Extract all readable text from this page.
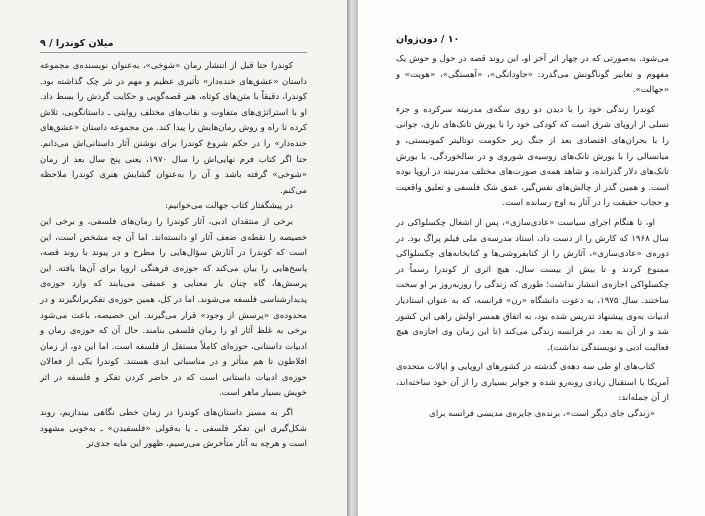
میلان کوندرا / ۹

کوندرا حتا قبل از انتشار رمان «شوخی»، به‌عنوان نویسنده‌ی مجموعه داستان «عشق‌های خنده‌دار» تأثیری عظیم و مهم در نثر چک گذاشته بود. کوندرا، دقیقاً با متن‌های کوتاه، هنر قصه‌گویی و حکایت گردش را بسط داد. او با استراتژی‌های متفاوت و نقاب‌های مختلف روایتی ـ داستانگویی، تلاش کرده تا راه و روش رمان‌هایش را پیدا کند. من مجموعه داستان «عشق‌های خنده‌دار» را در حکم شروع کوندرا برای نوشتن آثار داستانی‌اش می‌دانم. حتا اگر کتاب فرم نهایی‌اش را سال ۱۹۷۰، یعنی پنج سال بعد از رمان «شوخی» گرفته باشد و آن را به‌عنوان گشایش هنری کوندرا ملاحظه می‌کنم.

در پیشگفتار کتاب جهالت می‌خوانیم:

برخی از منتقدان ادبی، آثار کوندرا را رمان‌های فلسفی، و برخی این خصیصه را نقطه‌ی ضعف آثار او دانسته‌اند. اما آن چه مشخص است، این است که کوندرا در آثارش سؤال‌هایی را مطرح و در پیوند با روند قصه، پاسخ‌هایی را بیان می‌کند که حوزه‌ی فرهنگی اروپا برای آن‌ها یافته. این پرسش‌ها، گاه چنان بار معنایی و عمیقی می‌یابند که وارد حوزه‌ی پدیدارشناسی فلسفه می‌شوند. اما در کل، همین حوزه‌ی تفکربرانگیزند و در محدوده‌ی «پرسش از وجود» قرار می‌گیرند. این خصیصه، باعث می‌شود برخی به غلط آثار او را رمان فلسفی بنامند. حال آن که حوزه‌ی رمان و ادبیات داستانی، حوزه‌ای کاملاً مستقل از فلسفه است. اما این دو، از زمان افلاطون تا هم متأثر و در مناسباتی ابدی هستند. کوندرا یکی از فعالان حوزه‌ی ادبیات داستانی است که در حاضر کردن تفکر و فلسفه در اثر خویش بسیار ماهر است.

اگر به مسیر داستان‌های کوندرا در زمان خطی نگاهی بیندازیم، روند شکل‌گیری این تفکر فلسفی ـ یا به‌قولی «فلسفیدن» ـ به‌خوبی مشهود است و هرچه به آثار متأخرش می‌رسیم، ظهور این مایه جدی‌تر

۱۰ / دون‌ژوان

می‌شود. به‌صورتی که در چهار اثر آخر او، این روند قصه در حول و حوش یک مفهوم و تعابیر گوناگونش می‌گذرد: «جاودانگی»، «آهستگی»، «هویت» و «جهالت».

کوندرا زندگی خود را با دیدن دو روی سکه‌ی مدرنیته سرکرده و جزء نسلی از اروپای شرق است که کودکی خود را با یورش تانک‌های نازی، جوانی را با بحران‌های اقتصادی بعد از جنگ زیر حکومت توتالیتر کمونیستی، و میانسالی را با یورش تانک‌های روسیه‌ی شوروی و در سالخوردگی، با یورش تانک‌های دلار گذرانده، و شاهد همه‌ی صورت‌های مختلف مدرنیته در اروپا بوده است. و همین گذر از چالش‌های نفس‌گیر، عمق شک فلسفی و تعلیق واقعیت و حجاب حقیقت را در آثار به اوج رسانده است.

او، تا هنگام اجرای سیاست «عادی‌سازی»، پس از اشغال چکسلواکی در سال ۱۹۶۸ که کارش را از دست داد، استاد مدرسه‌ی ملی فیلم پراگ بود. در دوره‌ی «عادی‌سازی»، آثارش را از کتابفروشی‌ها و کتابخانه‌های چکسلواکی ممنوع کردند و تا بیش از بیست سال، هیچ اثری از کوندرا رسماً در چکسلواکی اجازه‌ی انتشار نداشت؛ طوری که زندگی را روزبه‌روز بر او سخت ساختند. سال ۱۹۷۵، به دعوت دانشگاه «رن» فرانسه، که به عنوان استادیار ادبیات به‌وی پیشنهاد تدریس شده بود، به اتفاق همسر اولش راهی این کشور شد و از آن به بعد، در فرانسه زندگی می‌کند (تا این زمان وی اجازه‌ی هیچ فعالیت ادبی و نویسندگی نداشت).

کتاب‌های او طی سه دهه‌ی گذشته در کشورهای اروپایی و ایالات متحده‌ی آمریکا با استقبال زیادی روبه‌رو شده و جوایز بسیاری را از آن خود ساخته‌اند، از آن جمله‌اند:

«زندگی جای دیگر است»، برنده‌ی جایزه‌ی مدیسی فرانسه برای
